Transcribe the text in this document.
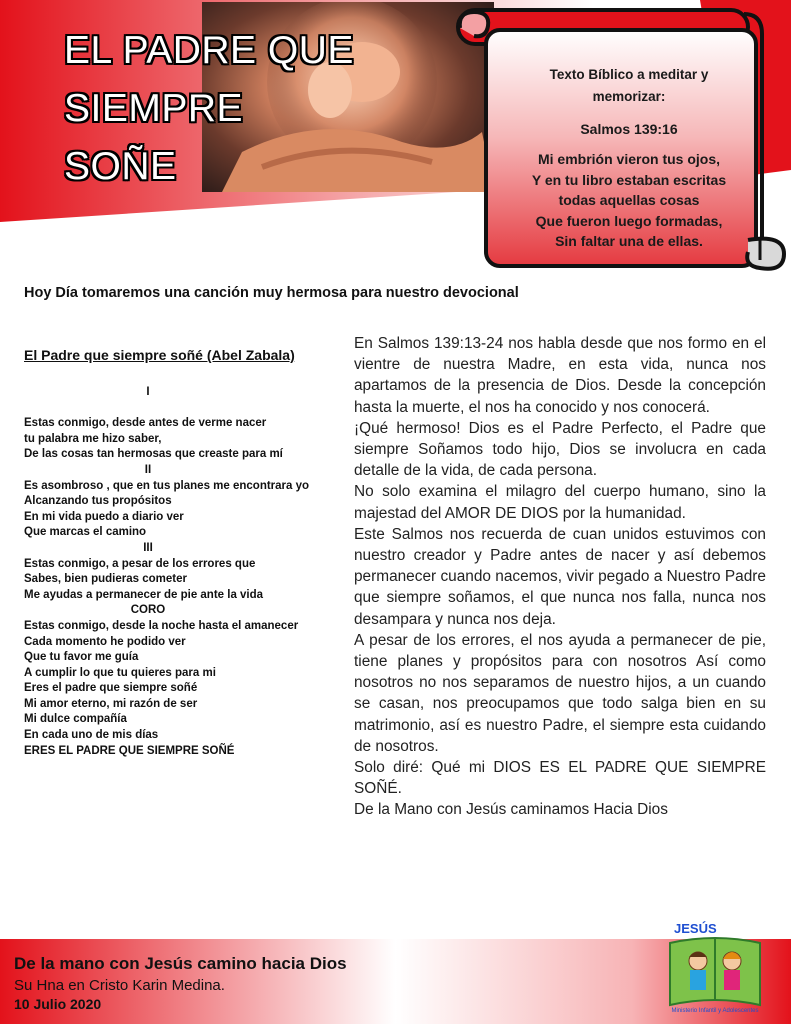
EL PADRE QUE
SIEMPRE SOÑE
Texto Bíblico a meditar y
memorizar:
Salmos 139:16
Mi embrión vieron tus ojos,
Y en tu libro estaban escritas
todas aquellas cosas
Que fueron luego formadas,
Sin faltar una de ellas.
Hoy Día tomaremos una canción muy hermosa para nuestro devocional
El Padre que siempre soñé (Abel Zabala)
I
Estas conmigo, desde antes de verme nacer
tu palabra me hizo saber,
De las cosas tan hermosas que creaste para mí
II
Es asombroso , que en tus planes me encontrara yo
Alcanzando tus propósitos
En mi vida puedo a diario ver
Que marcas el camino
III
Estas conmigo, a pesar de los errores que
Sabes, bien pudieras cometer
Me ayudas a permanecer de pie ante la vida
CORO
Estas conmigo, desde la noche hasta el amanecer
Cada momento he podido ver
Que tu favor me guía
A cumplir lo que tu quieres para mi
Eres el padre que siempre soñé
Mi amor eterno, mi razón de ser
Mi dulce compañía
En cada uno de mis días
ERES EL PADRE QUE SIEMPRE SOÑÉ
En Salmos 139:13-24 nos habla desde que nos formo en el vientre de nuestra Madre, en esta vida, nunca nos apartamos de la presencia de Dios. Desde la concepción hasta la muerte, el nos ha conocido y nos conocerá.
¡Qué hermoso! Dios es el Padre Perfecto, el Padre que siempre Soñamos todo hijo, Dios se involucra en cada detalle de la vida, de cada persona.
No solo examina el milagro del cuerpo humano, sino la majestad del AMOR DE DIOS por la humanidad.
Este Salmos nos recuerda de cuan unidos estuvimos con nuestro creador y Padre antes de nacer y así debemos permanecer cuando nacemos, vivir pegado a Nuestro Padre que siempre soñamos, el que nunca nos falla, nunca nos desampara y nunca nos deja.
A pesar de los errores, el nos ayuda a permanecer de pie, tiene planes y propósitos para con nosotros Así como nosotros no nos separamos de nuestro hijos, a un cuando se casan, nos preocupamos que todo salga bien en su matrimonio, así es nuestro Padre, el siempre esta cuidando de nosotros.
Solo diré: Qué mi DIOS ES EL PADRE QUE SIEMPRE SOÑÉ.
De la Mano con Jesús caminamos Hacia Dios
De la mano con Jesús camino hacia Dios
Su Hna en Cristo Karin Medina.
10 Julio 2020
JESÚS
Ministerio Infantil y Adolescentes
